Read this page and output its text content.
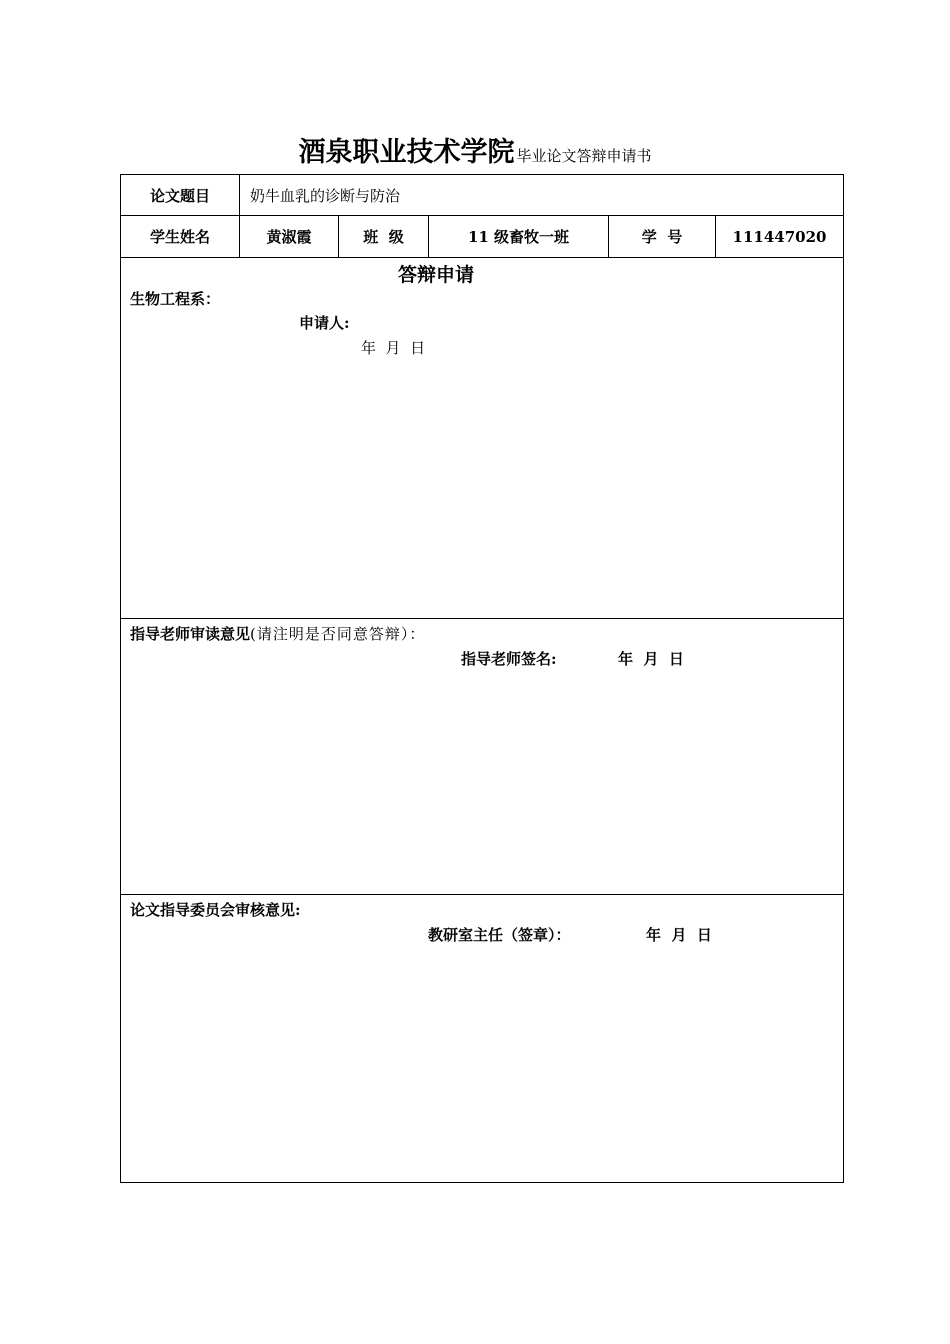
酒泉职业技术学院 毕业论文答辩申请书
论文题目	奶牛血乳的诊断与防治				
学生姓名	黄淑霞	班  级	11 级畜牧一班	学  号	111447020

答辩申请
生物工程系：
申请人:
年  月  日					

指导老师审读意见(请注明是否同意答辩）：
指导老师签名: 年  月  日					

论文指导委员会审核意见:
教研室主任（签章）： 年  月  日					
